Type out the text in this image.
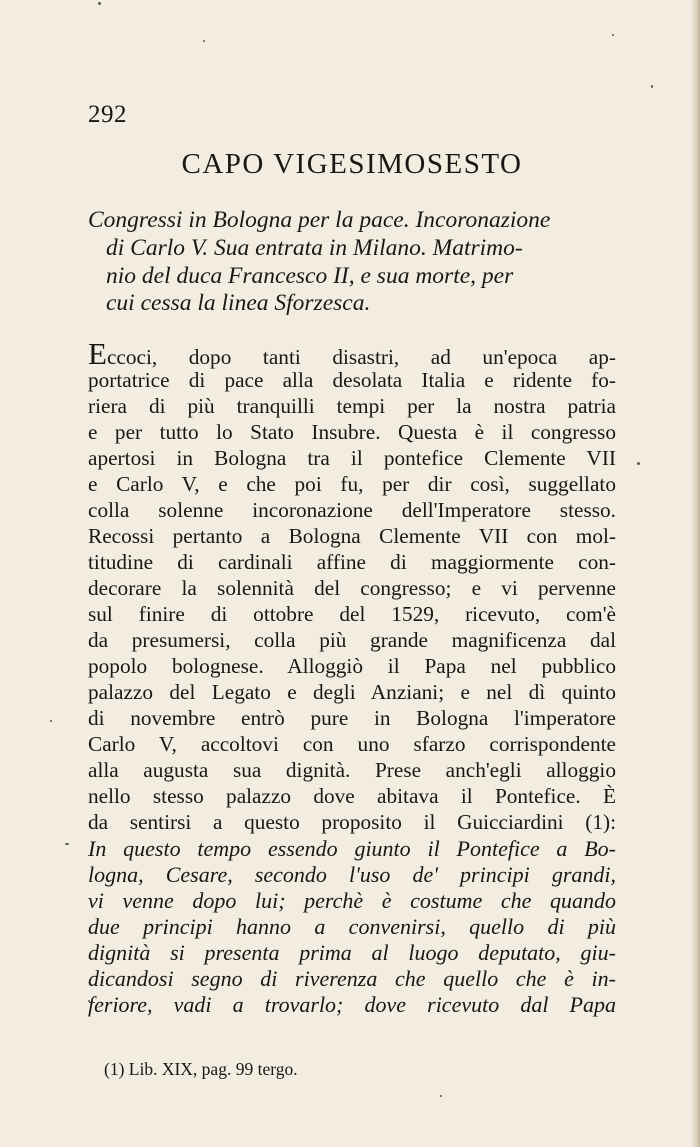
292
CAPO VIGESIMOSESTO
Congressi in Bologna per la pace. Incoronazione
di Carlo V. Sua entrata in Milano. Matrimo-
nio del duca Francesco II, e sua morte, per
cui cessa la linea Sforzesca.
Eccoci, dopo tanti disastri, ad un'epoca ap-
portatrice di pace alla desolata Italia e ridente fo-
riera di più tranquilli tempi per la nostra patria
e per tutto lo Stato Insubre. Questa è il congresso
apertosi in Bologna tra il pontefice Clemente VII
e Carlo V, e che poi fu, per dir così, suggellato
colla solenne incoronazione dell'Imperatore stesso.
Recossi pertanto a Bologna Clemente VII con mol-
titudine di cardinali affine di maggiormente con-
decorare la solennità del congresso; e vi pervenne
sul finire di ottobre del 1529, ricevuto, com'è
da presumersi, colla più grande magnificenza dal
popolo bolognese. Alloggiò il Papa nel pubblico
palazzo del Legato e degli Anziani; e nel dì quinto
di novembre entrò pure in Bologna l'imperatore
Carlo V, accoltovi con uno sfarzo corrispondente
alla augusta sua dignità. Prese anch'egli alloggio
nello stesso palazzo dove abitava il Pontefice. È
da sentirsi a questo proposito il Guicciardini (1):
In questo tempo essendo giunto il Pontefice a Bo-
logna, Cesare, secondo l'uso de' principi grandi,
vi venne dopo lui; perchè è costume che quando
due principi hanno a convenirsi, quello di più
dignità si presenta prima al luogo deputato, giu-
dicandosi segno di riverenza che quello che è in-
feriore, vadi a trovarlo; dove ricevuto dal Papa
(1) Lib. XIX, pag. 99 tergo.
